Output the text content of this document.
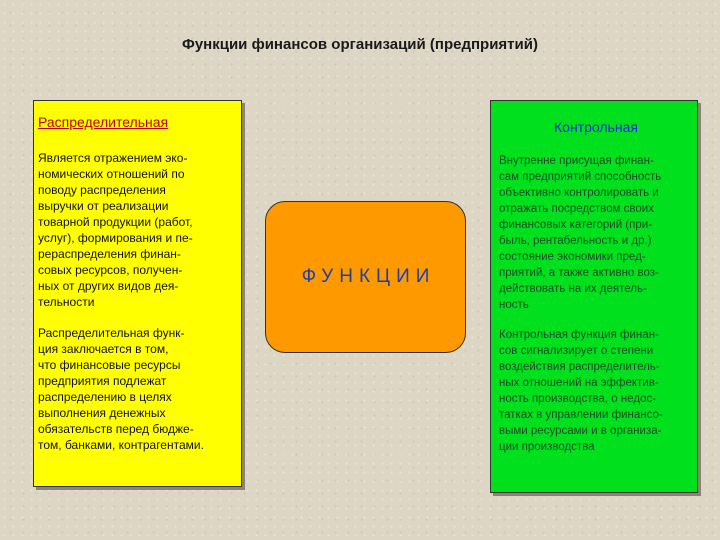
Функции финансов организаций (предприятий)
Распределительная
Является отражением эко-
номических отношений по
поводу распределения
выручки от реализации
товарной продукции (работ,
услуг), формирования и пе-
рераспределения финан-
совых ресурсов, получен-
ных от других видов дея-
тельности
Распределительная функ-
ция заключается в том,
что финансовые ресурсы
предприятия подлежат
распределению в целях
выполнения денежных
обязательств перед бюдже-
том, банками, контрагентами.
ФУНКЦИИ
Контрольная
Внутренне присущая финан-
сам предприятий способность
объективно контролировать и
отражать посредством своих
финансовых категорий (при-
быль, рентабельность и др.)
состояние экономики пред-
приятий, а также активно воз-
действовать на их деятель-
ность
Контрольная функция финан-
сов сигнализирует о степени
воздействия распределитель-
ных отношений на эффектив-
ность производства, о недос-
татках в управлении финансо-
выми ресурсами и в организа-
ции производства
